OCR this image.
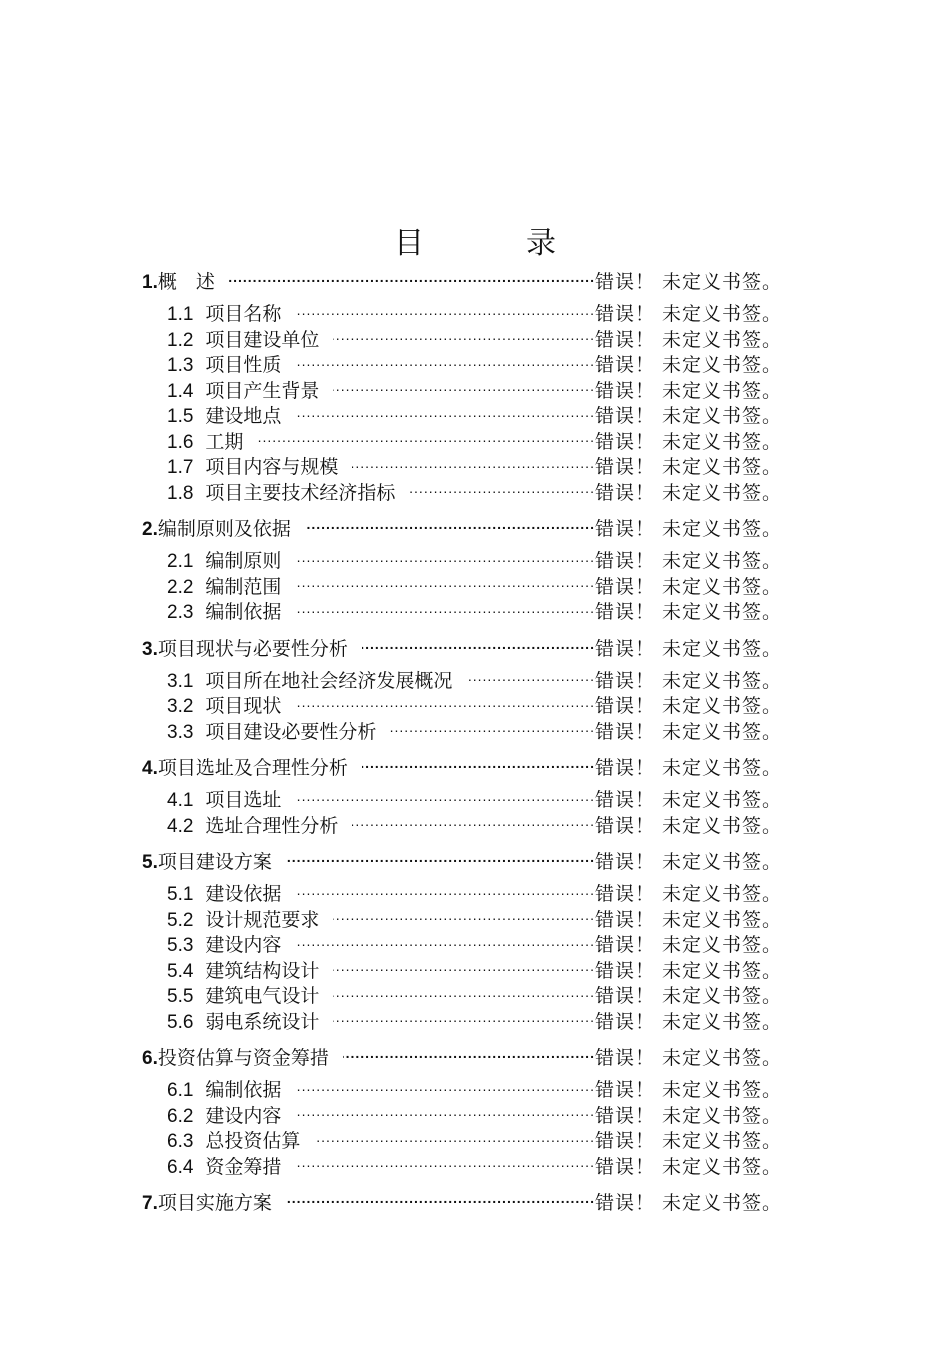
目　录
1. 概　述 .....	错误！ 未定义书签。
1.1 项目名称 .....	错误！ 未定义书签。
1.2 项目建设单位 .....	错误！ 未定义书签。
1.3 项目性质 .....	错误！ 未定义书签。
1.4 项目产生背景 .....	错误！ 未定义书签。
1.5 建设地点 .....	错误！ 未定义书签。
1.6 工期 .....	错误！ 未定义书签。
1.7 项目内容与规模 .....	错误！ 未定义书签。
1.8 项目主要技术经济指标 .....	错误！ 未定义书签。
2. 编制原则及依据 .....	错误！ 未定义书签。
2.1 编制原则 .....	错误！ 未定义书签。
2.2 编制范围 .....	错误！ 未定义书签。
2.3 编制依据 .....	错误！ 未定义书签。
3. 项目现状与必要性分析 .....	错误！ 未定义书签。
3.1 项目所在地社会经济发展概况 .....	错误！ 未定义书签。
3.2 项目现状 .....	错误！ 未定义书签。
3.3 项目建设必要性分析 .....	错误！ 未定义书签。
4. 项目选址及合理性分析 .....	错误！ 未定义书签。
4.1 项目选址 .....	错误！ 未定义书签。
4.2 选址合理性分析 .....	错误！ 未定义书签。
5. 项目建设方案 .....	错误！ 未定义书签。
5.1 建设依据 .....	错误！ 未定义书签。
5.2 设计规范要求 .....	错误！ 未定义书签。
5.3 建设内容 .....	错误！ 未定义书签。
5.4 建筑结构设计 .....	错误！ 未定义书签。
5.5 建筑电气设计 .....	错误！ 未定义书签。
5.6 弱电系统设计 .....	错误！ 未定义书签。
6. 投资估算与资金筹措 .....	错误！ 未定义书签。
6.1 编制依据 .....	错误！ 未定义书签。
6.2 建设内容 .....	错误！ 未定义书签。
6.3 总投资估算 .....	错误！ 未定义书签。
6.4 资金筹措 .....	错误！ 未定义书签。
7. 项目实施方案 .....	错误！ 未定义书签。
